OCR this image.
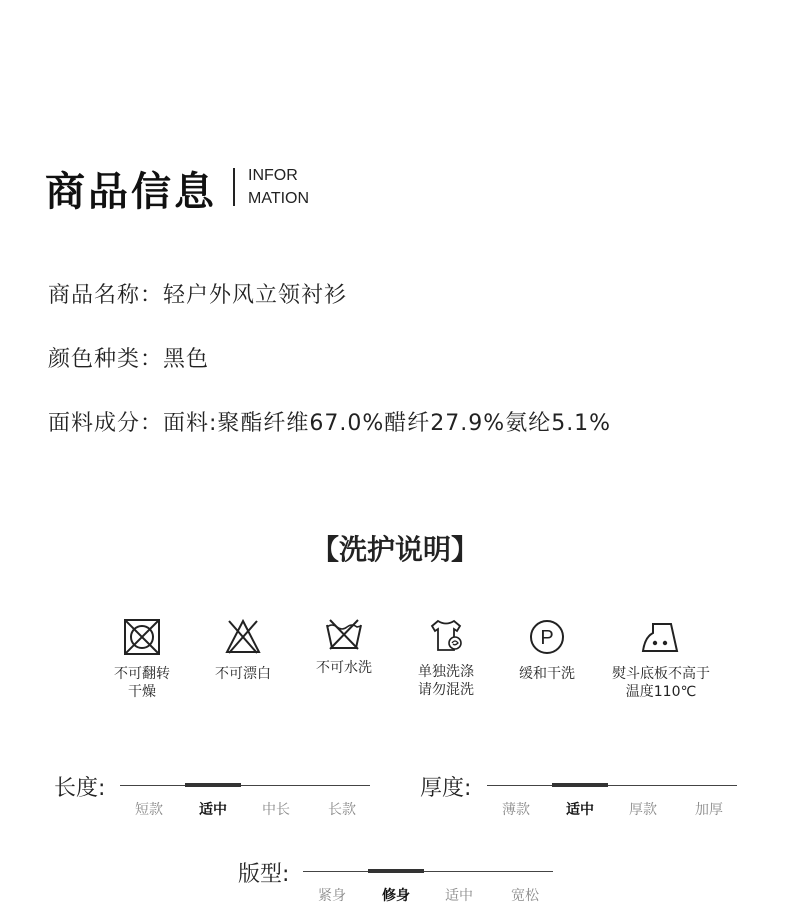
商品信息 INFOR
MATION
商品名称：轻户外风立领衬衫
颜色种类：黑色
面料成分：面料:聚酯纤维67.0%醋纤27.9%氨纶5.1%
【洗护说明】
不可翻转
干燥
不可漂白	不可水洗	单独洗涤
请勿混洗
P
缓和干洗	熨斗底板不高于
温度110℃
长度:
短款	适中	中长	长款
厚度:
薄款	适中	厚款	加厚
版型:
紧身	修身	适中	宽松
